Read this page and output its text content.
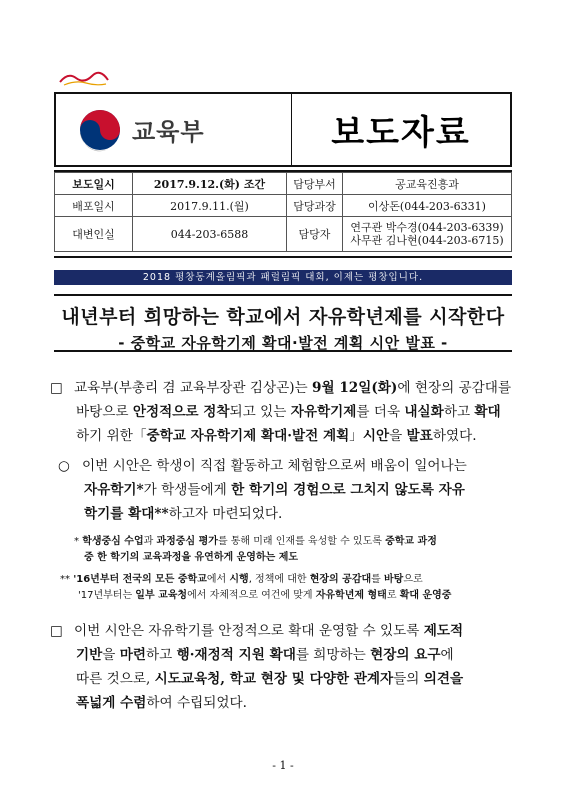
교육부	보도자료
보도일시	2017.9.12.(화) 조간	담당부서	공교육진흥과
배포일시	2017.9.11.(월)	담당과장	이상돈(044-203-6331)
대변인실	044-203-6588	담당자	연구관 박수경(044-203-6339)
사무관 김나현(044-203-6715)
2018 평창동계올림픽과 패럴림픽 대회, 이제는 평창입니다.
내년부터 희망하는 학교에서 자유학년제를 시작한다
- 중학교 자유학기제 확대·발전 계획 시안 발표 -
□ 교육부(부총리 겸 교육부장관 김상곤)는 9월 12일(화)에 현장의 공감대를
바탕으로 안정적으로 정착되고 있는 자유학기제를 더욱 내실화하고 확대
하기 위한「중학교 자유학기제 확대·발전 계획」시안을 발표하였다.
○ 이번 시안은 학생이 직접 활동하고 체험함으로써 배움이 일어나는
자유학기*가 학생들에게 한 학기의 경험으로 그치지 않도록 자유
학기를 확대**하고자 마련되었다.
* 학생중심 수업과 과정중심 평가를 통해 미래 인재를 육성할 수 있도록 중학교 과정
중 한 학기의 교육과정을 유연하게 운영하는 제도
** '16년부터 전국의 모든 중학교에서 시행, 정책에 대한 현장의 공감대를 바탕으로
'17년부터는 일부 교육청에서 자체적으로 여건에 맞게 자유학년제 형태로 확대 운영중
□ 이번 시안은 자유학기를 안정적으로 확대 운영할 수 있도록 제도적
기반을 마련하고 행·재정적 지원 확대를 희망하는 현장의 요구에
따른 것으로, 시도교육청, 학교 현장 및 다양한 관계자들의 의견을
폭넓게 수렴하여 수립되었다.
- 1 -
